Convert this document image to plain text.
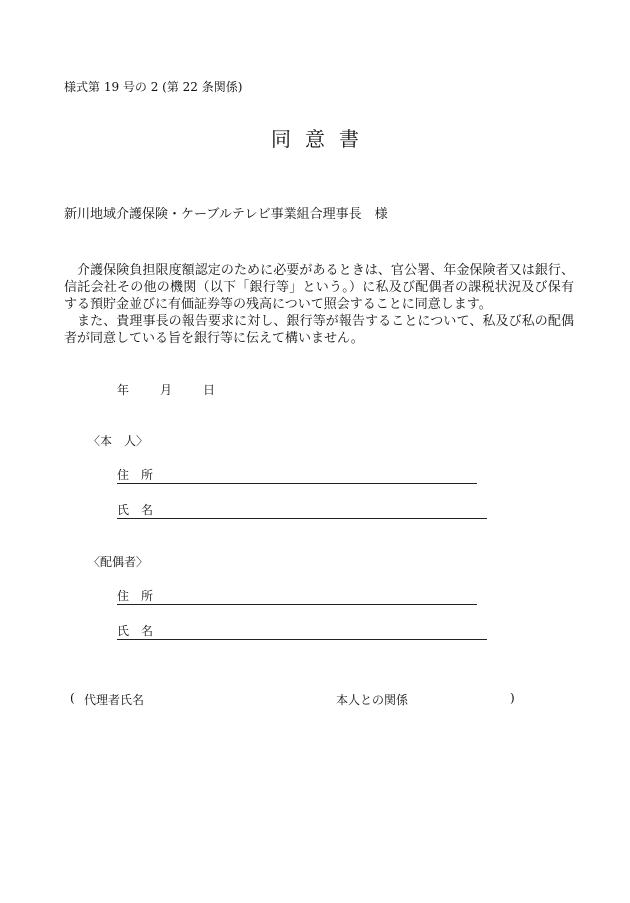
様式第 19 号の 2 (第 22 条関係)
同意書
新川地域介護保険・ケーブルテレビ事業組合理事長　様

介護保険負担限度額認定のために必要があるときは、官公署、年金保険者又は銀行、信託会社その他の機関（以下「銀行等」という。）に私及び配偶者の課税状況及び保有する預貯金並びに有価証券等の残高について照会することに同意します。

また、貴理事長の報告要求に対し、銀行等が報告することについて、私及び私の配偶者が同意している旨を銀行等に伝えて構いません。

年	月	日
〈本　人〉
住所
氏名
〈配偶者〉
住所
氏名
( 代理者氏名	本人との関係	)
